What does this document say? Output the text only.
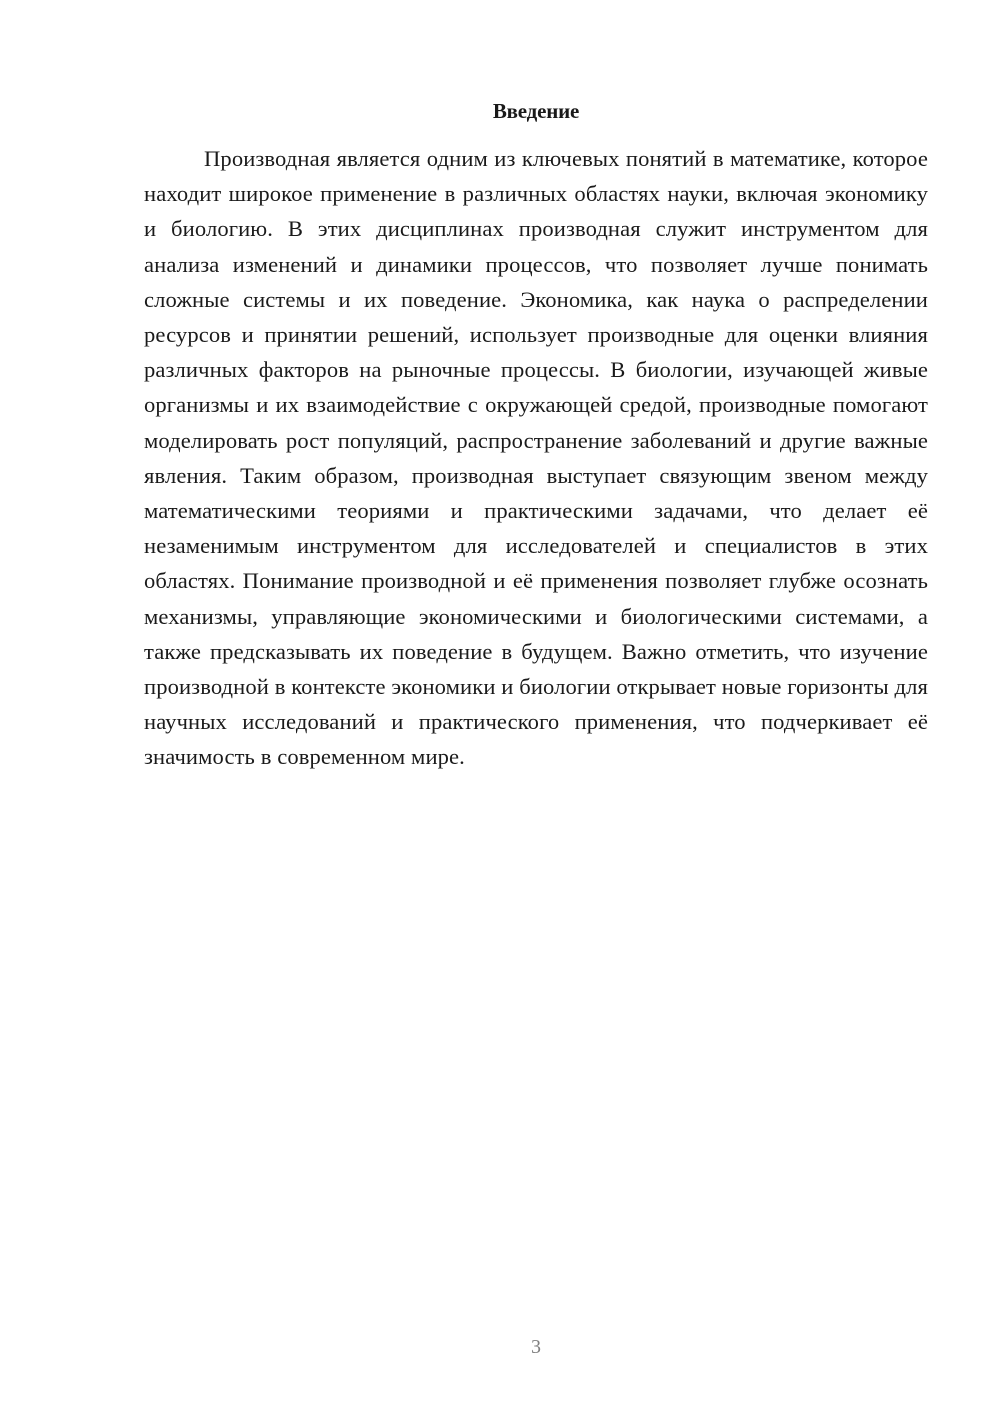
Введение

Производная является одним из ключевых понятий в математике, которое находит широкое применение в различных областях науки, включая экономику и биологию. В этих дисциплинах производная служит инструментом для анализа изменений и динамики процессов, что позволяет лучше понимать сложные системы и их поведение. Экономика, как наука о распределении ресурсов и принятии решений, использует производные для оценки влияния различных факторов на рыночные процессы. В биологии, изучающей живые организмы и их взаимодействие с окружающей средой, производные помогают моделировать рост популяций, распространение заболеваний и другие важные явления. Таким образом, производная выступает связующим звеном между математическими теориями и практическими задачами, что делает её незаменимым инструментом для исследователей и специалистов в этих областях. Понимание производной и её применения позволяет глубже осознать механизмы, управляющие экономическими и биологическими системами, а также предсказывать их поведение в будущем. Важно отметить, что изучение производной в контексте экономики и биологии открывает новые горизонты для научных исследований и практического применения, что подчеркивает её значимость в современном мире.

3
